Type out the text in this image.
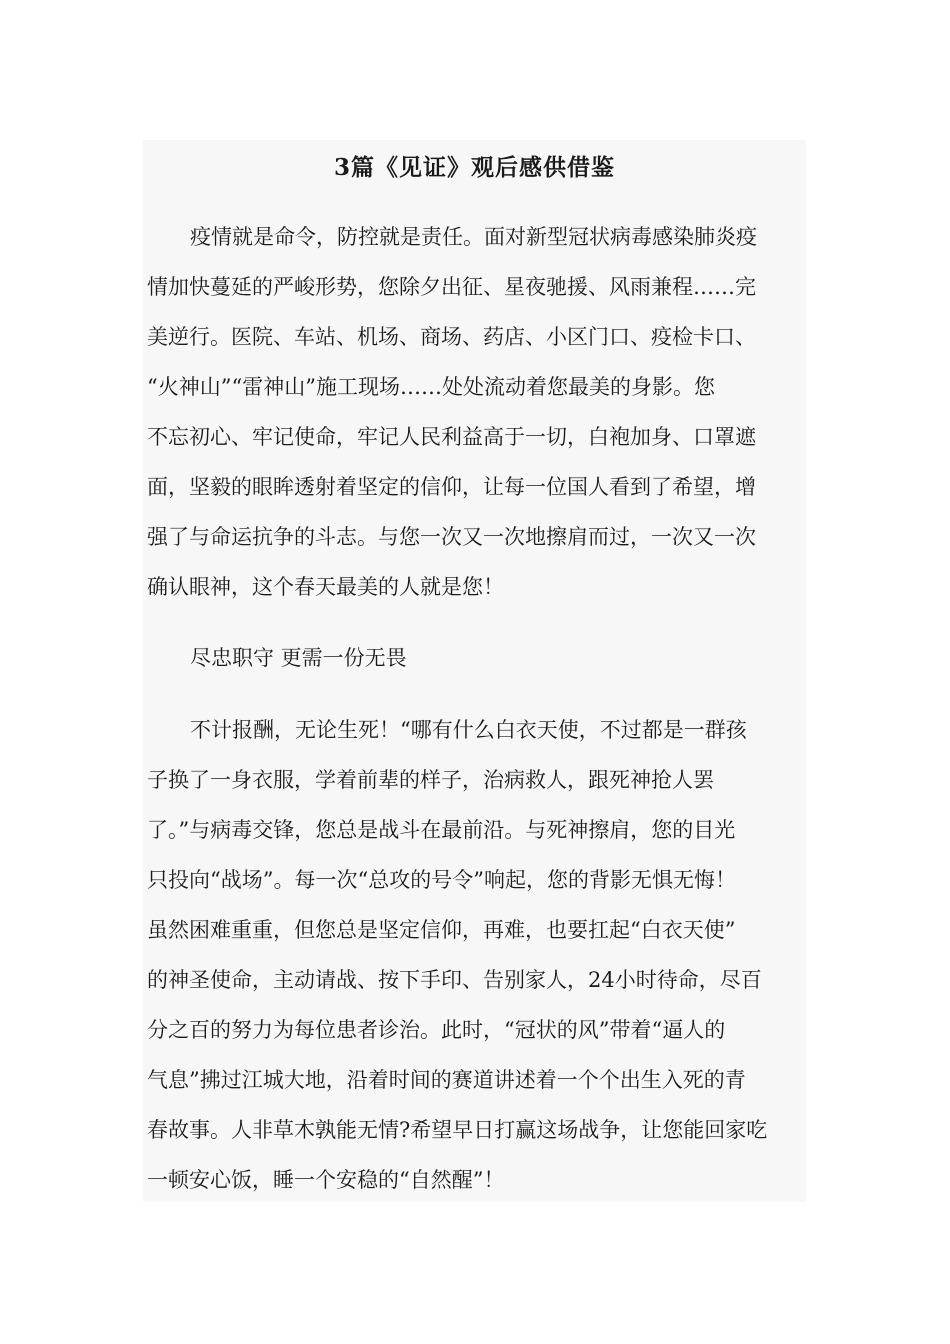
3篇《见证》观后感供借鉴

疫情就是命令，防控就是责任。面对新型冠状病毒感染肺炎疫

情加快蔓延的严峻形势，您除夕出征、星夜驰援、风雨兼程……完

美逆行。医院、车站、机场、商场、药店、小区门口、疫检卡口、

“火神山”“雷神山”施工现场……处处流动着您最美的身影。您

不忘初心、牢记使命，牢记人民利益高于一切，白袍加身、口罩遮

面，坚毅的眼眸透射着坚定的信仰，让每一位国人看到了希望，增

强了与命运抗争的斗志。与您一次又一次地擦肩而过，一次又一次

确认眼神，这个春天最美的人就是您！

尽忠职守 更需一份无畏

不计报酬，无论生死！“哪有什么白衣天使，不过都是一群孩

子换了一身衣服，学着前辈的样子，治病救人，跟死神抢人罢

了。”与病毒交锋，您总是战斗在最前沿。与死神擦肩，您的目光

只投向“战场”。每一次“总攻的号令”响起，您的背影无惧无悔！

虽然困难重重，但您总是坚定信仰，再难，也要扛起“白衣天使”

的神圣使命，主动请战、按下手印、告别家人，24小时待命，尽百

分之百的努力为每位患者诊治。此时，“冠状的风”带着“逼人的

气息”拂过江城大地，沿着时间的赛道讲述着一个个出生入死的青

春故事。人非草木孰能无情?希望早日打赢这场战争，让您能回家吃

一顿安心饭，睡一个安稳的“自然醒”！
